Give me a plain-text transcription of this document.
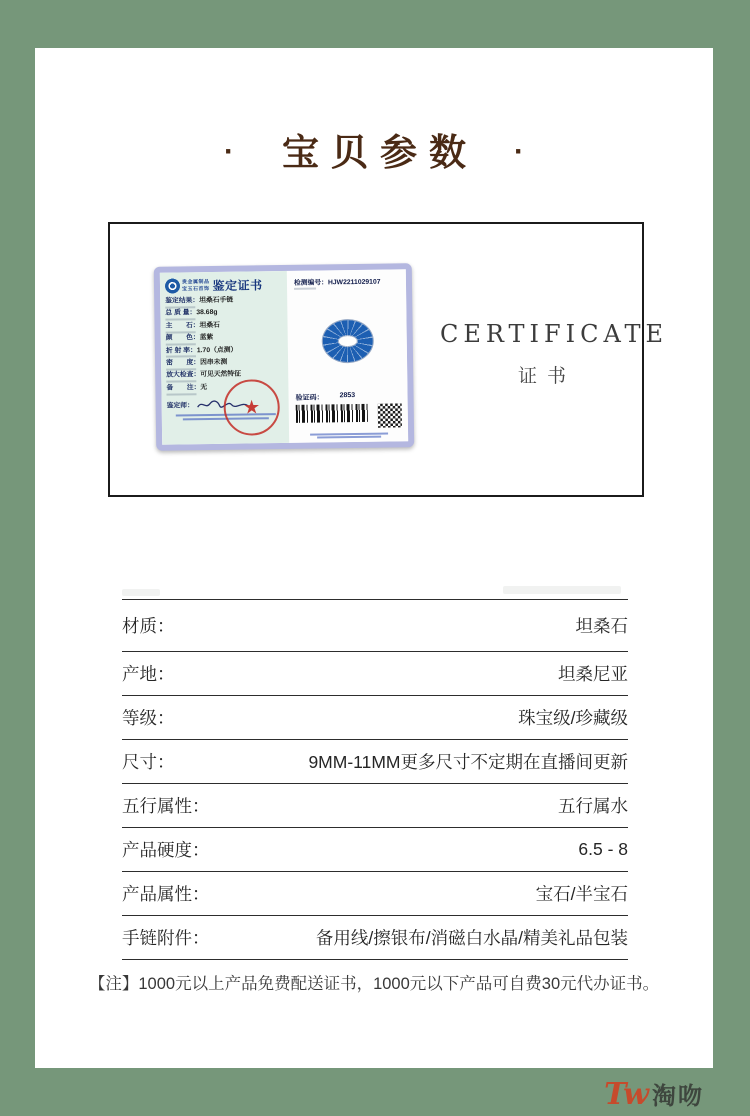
·	宝贝参数 ·
贵金属制品
宝玉石首饰 鉴定证书
鉴定结果：坦桑石手链
总 质 量：38.68g
主　　石：坦桑石
颜　　色：蓝紫
折 射 率：1.70（点测）
密　　度：因串未测
放大检查：可见天然特征
备　　注：无
鉴定师：	★
检测编号：HJW2211029107
验证码： 2853
CERTIFICATE
证书
材质：	坦桑石
产地：	坦桑尼亚
等级：	珠宝级/珍藏级
尺寸：	9MM-11MM更多尺寸不定期在直播间更新
五行属性：	五行属水
产品硬度：	6.5 - 8
产品属性：	宝石/半宝石
手链附件：	备用线/擦银布/消磁白水晶/精美礼品包装
【注】1000元以上产品免费配送证书，1000元以下产品可自费30元代办证书。
Tw 淘吻
